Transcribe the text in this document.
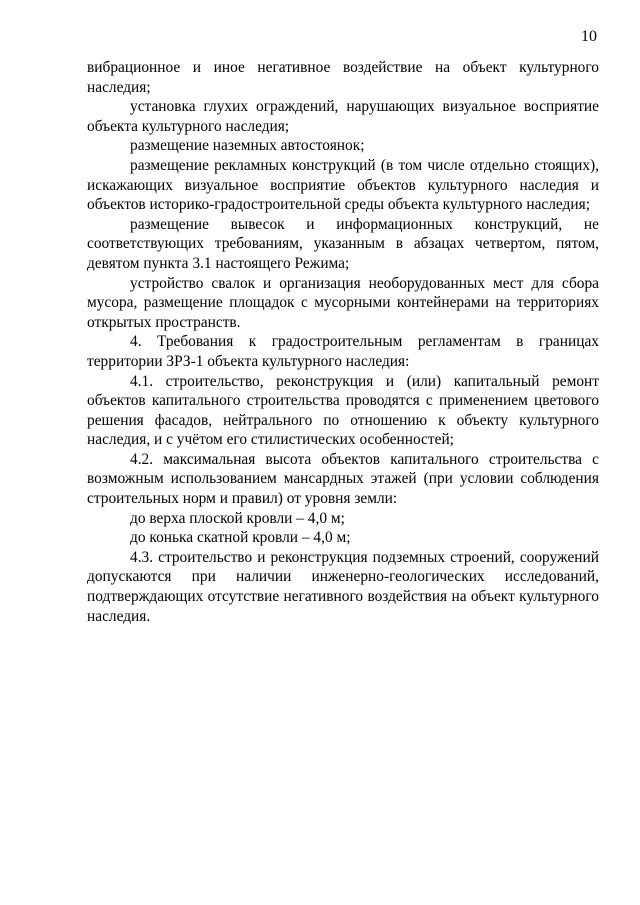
10

вибрационное и иное негативное воздействие на объект культурного наследия;

установка глухих ограждений, нарушающих визуальное восприятие объекта культурного наследия;

размещение наземных автостоянок;

размещение рекламных конструкций (в том числе отдельно стоящих), искажающих визуальное восприятие объектов культурного наследия и объектов историко-градостроительной среды объекта культурного наследия;

размещение вывесок и информационных конструкций, не соответствующих требованиям, указанным в абзацах четвертом, пятом, девятом пункта 3.1 настоящего Режима;

устройство свалок и организация необорудованных мест для сбора мусора, размещение площадок с мусорными контейнерами на территориях открытых пространств.

4. Требования к градостроительным регламентам в границах территории ЗРЗ-1 объекта культурного наследия:

4.1. строительство, реконструкция и (или) капитальный ремонт объектов капитального строительства проводятся с применением цветового решения фасадов, нейтрального по отношению к объекту культурного наследия, и с учётом его стилистических особенностей;

4.2. максимальная высота объектов капитального строительства с возможным использованием мансардных этажей (при условии соблюдения строительных норм и правил) от уровня земли:

до верха плоской кровли – 4,0 м;

до конька скатной кровли – 4,0 м;

4.3. строительство и реконструкция подземных строений, сооружений допускаются при наличии инженерно-геологических исследований, подтверждающих отсутствие негативного воздействия на объект культурного наследия.
